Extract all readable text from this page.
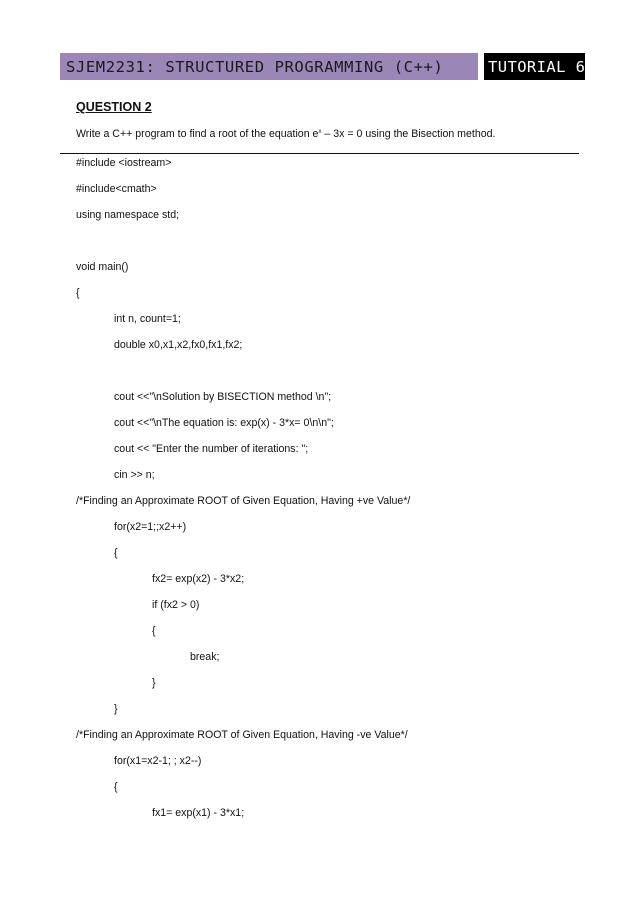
SJEM2231: STRUCTURED PROGRAMMING (C++)	TUTORIAL 6
QUESTION 2
Write a C++ program to find a root of the equation $e^x - 3x = 0$ using the Bisection method.
#include <iostream>
#include<cmath>
using namespace std;
void main()
{
int n, count=1;
double x0,x1,x2,fx0,fx1,fx2;
cout <<"\nSolution by BISECTION method \n";
cout <<"\nThe equation is: exp(x) - 3*x= 0\n\n";
cout << "Enter the number of iterations: ";
cin >> n;
/*Finding an Approximate ROOT of Given Equation, Having +ve Value*/
for(x2=1;;x2++)
{
fx2= exp(x2) - 3*x2;
if (fx2 > 0)
{
break;
}
}
/*Finding an Approximate ROOT of Given Equation, Having -ve Value*/
for(x1=x2-1; ; x2--)
{
fx1= exp(x1) - 3*x1;
